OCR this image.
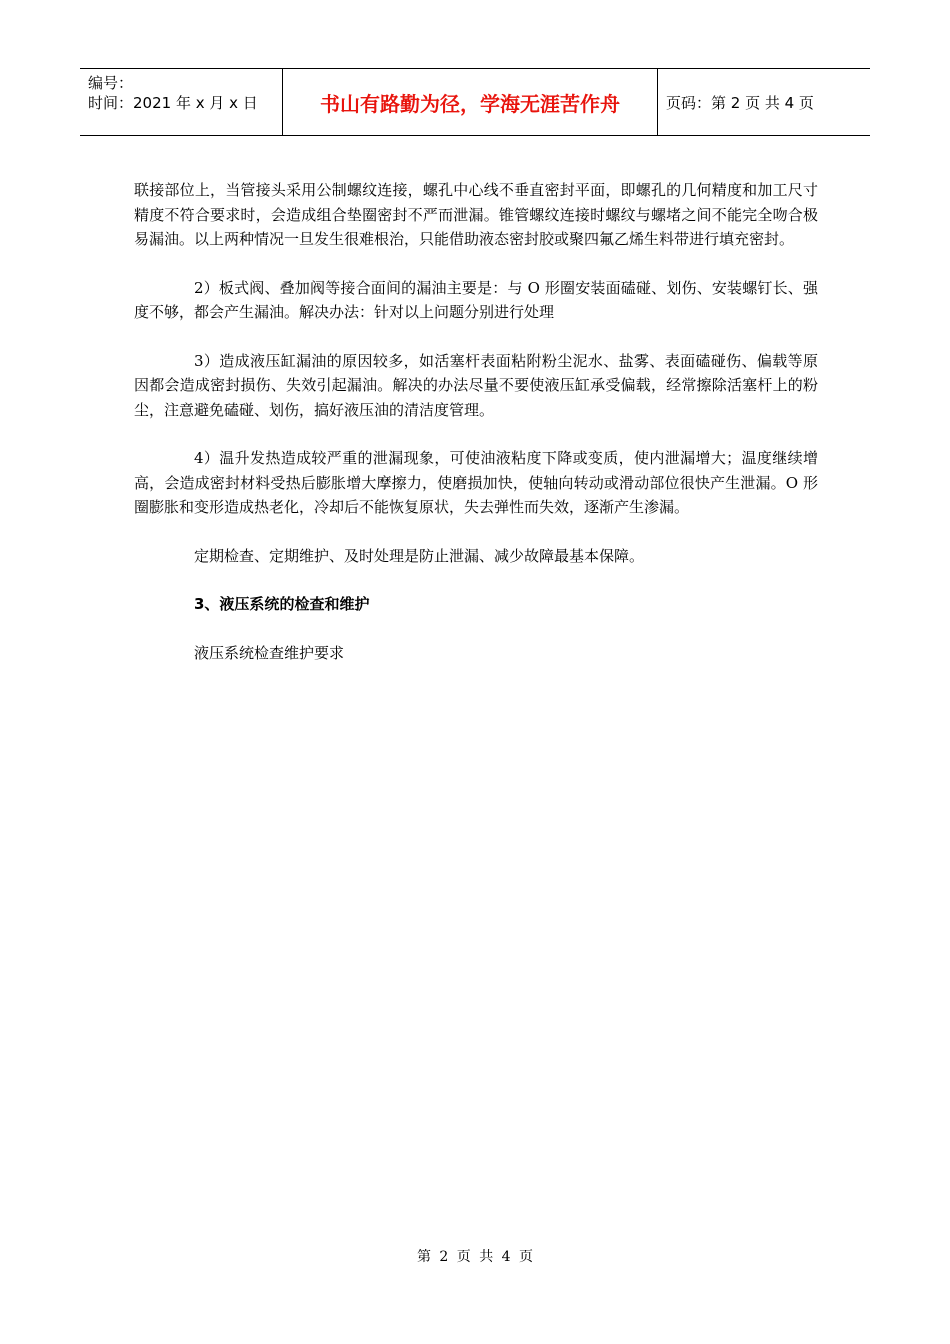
编号：
时间：2021 年 x 月 x 日	书山有路勤为径，学海无涯苦作舟	页码：第 2 页 共 4 页

联接部位上，当管接头采用公制螺纹连接，螺孔中心线不垂直密封平面，即螺孔的几何精度和加工尺寸精度不符合要求时，会造成组合垫圈密封不严而泄漏。锥管螺纹连接时螺纹与螺堵之间不能完全吻合极易漏油。以上两种情况一旦发生很难根治，只能借助液态密封胶或聚四氟乙烯生料带进行填充密封。

2）板式阀、叠加阀等接合面间的漏油主要是：与 O 形圈安装面磕碰、划伤、安装螺钉长、强度不够，都会产生漏油。解决办法：针对以上问题分别进行处理

3）造成液压缸漏油的原因较多，如活塞杆表面粘附粉尘泥水、盐雾、表面磕碰伤、偏载等原因都会造成密封损伤、失效引起漏油。解决的办法尽量不要使液压缸承受偏载，经常擦除活塞杆上的粉尘，注意避免磕碰、划伤，搞好液压油的清洁度管理。

4）温升发热造成较严重的泄漏现象，可使油液粘度下降或变质，使内泄漏增大；温度继续增高，会造成密封材料受热后膨胀增大摩擦力，使磨损加快，使轴向转动或滑动部位很快产生泄漏。O 形圈膨胀和变形造成热老化，冷却后不能恢复原状，失去弹性而失效，逐渐产生渗漏。

定期检查、定期维护、及时处理是防止泄漏、减少故障最基本保障。

3、液压系统的检查和维护

液压系统检查维护要求

第 2 页 共 4 页
